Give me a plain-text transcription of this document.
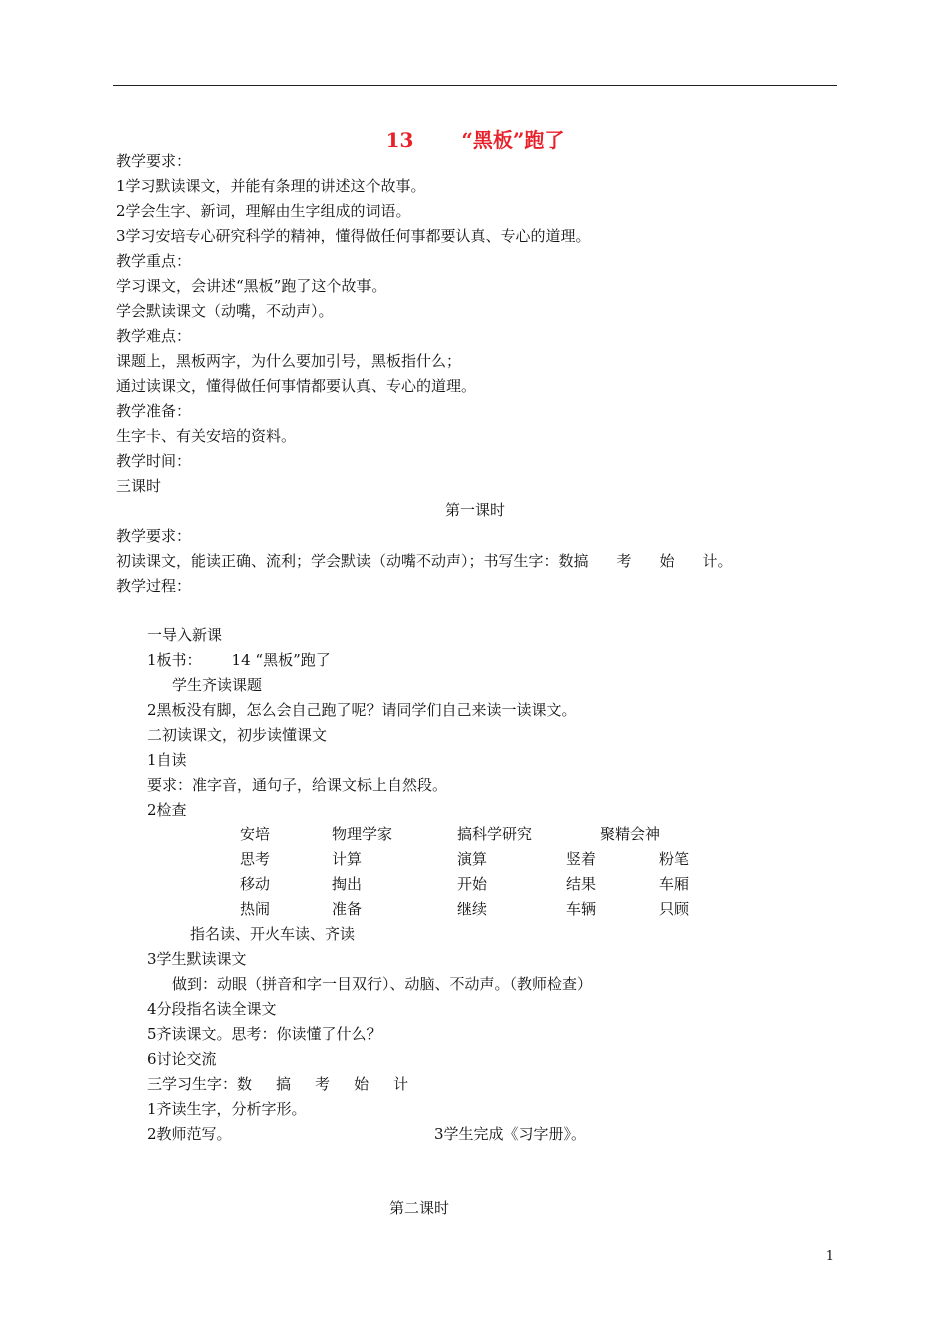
13 “黑板”跑了
教学要求：
1学习默读课文，并能有条理的讲述这个故事。
2学会生字、新词，理解由生字组成的词语。
3学习安培专心研究科学的精神，懂得做任何事都要认真、专心的道理。
教学重点：
学习课文，会讲述“黑板”跑了这个故事。
学会默读课文（动嘴，不动声）。
教学难点：
课题上，黑板两字，为什么要加引号，黑板指什么；
通过读课文，懂得做任何事情都要认真、专心的道理。
教学准备：
生字卡、有关安培的资料。
教学时间：
三课时
第一课时
教学要求：
初读课文，能读正确、流利；学会默读（动嘴不动声）；书写生字：数搞 考 始 计。
教学过程：
一导入新课
1板书： 14 “黑板”跑了
学生齐读课题
2黑板没有脚，怎么会自己跑了呢？请同学们自己来读一读课文。
二初读课文，初步读懂课文
1自读
要求：准字音，通句子，给课文标上自然段。
2检查
安培	物理学家	搞科学研究	聚精会神
思考	计算	演算	竖着	粉笔
移动	掏出	开始	结果	车厢
热闹	准备	继续	车辆	只顾
指名读、开火车读、齐读
3学生默读课文
做到：动眼（拼音和字一目双行）、动脑、不动声。（教师检查）
4分段指名读全课文
5齐读课文。思考：你读懂了什么？
6讨论交流
三学习生字：数 搞 考 始 计
1齐读生字，分析字形。
2教师范写。	3学生完成《习字册》。
第二课时
1
